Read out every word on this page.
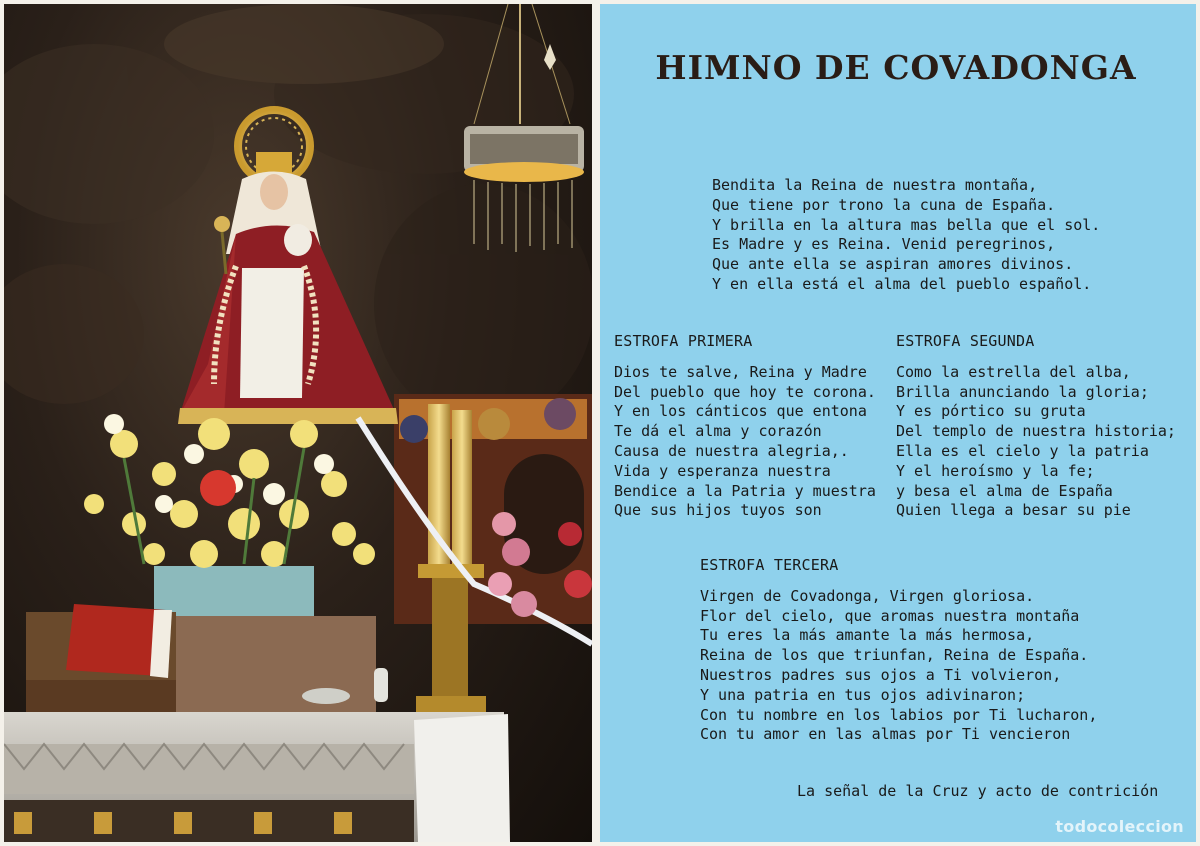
HIMNO DE COVADONGA
Bendita la Reina de nuestra montaña,
Que tiene por trono la cuna de España.
Y brilla en la altura mas bella que el sol.
Es Madre y es Reina. Venid peregrinos,
Que ante ella se aspiran amores divinos.
Y en ella está el alma del pueblo español.
ESTROFA PRIMERA
Dios te salve, Reina y Madre
Del pueblo que hoy te corona.
Y en los cánticos que entona
Te dá el alma y corazón
Causa de nuestra alegria,.
Vida y esperanza nuestra
Bendice a la Patria y muestra
Que sus hijos tuyos son
ESTROFA SEGUNDA
Como la estrella del alba,
Brilla anunciando la gloria;
Y es pórtico su gruta
Del templo de nuestra historia;
Ella es el cielo y la patria
Y el heroísmo y la fe;
y besa el alma de España
Quien llega a besar su pie
ESTROFA TERCERA
Virgen de Covadonga, Virgen gloriosa.
Flor del cielo, que aromas nuestra montaña
Tu eres la más amante la más hermosa,
Reina de los que triunfan, Reina de España.
Nuestros padres sus ojos a Ti volvieron,
Y una patria en tus ojos adivinaron;
Con tu nombre en los labios por Ti lucharon,
Con tu amor en las almas por Ti vencieron
La señal de la Cruz y acto de contrición
todocoleccion
